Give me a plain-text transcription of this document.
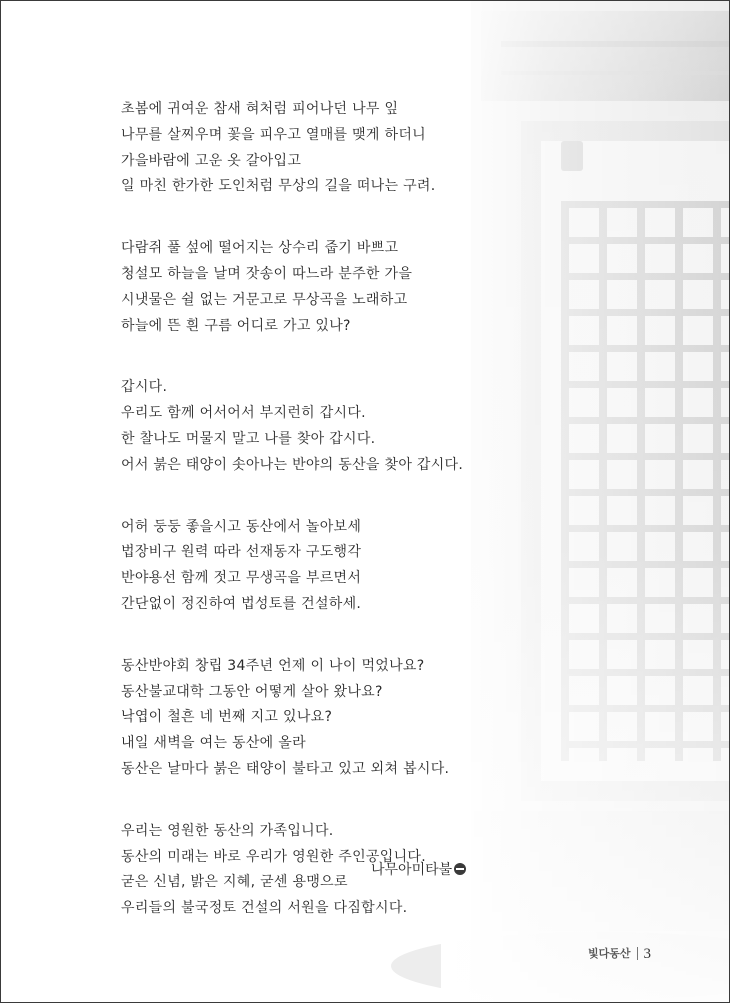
초봄에 귀여운 참새 혀처럼 피어나던 나무 잎
나무를 살찌우며 꽃을 피우고 열매를 맺게 하더니
가을바람에 고운 옷 갈아입고
일 마친 한가한 도인처럼 무상의 길을 떠나는 구려.
다람쥐 풀 섶에 떨어지는 상수리 줍기 바쁘고
청설모 하늘을 날며 잣송이 따느라 분주한 가을
시냇물은 쉴 없는 거문고로 무상곡을 노래하고
하늘에 뜬 흰 구름 어디로 가고 있나?
갑시다.
우리도 함께 어서어서 부지런히 갑시다.
한 찰나도 머물지 말고 나를 찾아 갑시다.
어서 붉은 태양이 솟아나는 반야의 동산을 찾아 갑시다.
어허 둥둥 좋을시고 동산에서 놀아보세
법장비구 원력 따라 선재동자 구도행각
반야용선 함께 젓고 무생곡을 부르면서
간단없이 정진하여 법성토를 건설하세.
동산반야회 창립 34주년 언제 이 나이 먹었나요?
동산불교대학 그동안 어떻게 살아 왔나요?
낙엽이 철흔 네 번째 지고 있나요?
내일 새벽을 여는 동산에 올라
동산은 날마다 붉은 태양이 불타고 있고 외쳐 봅시다.
우리는 영원한 동산의 가족입니다.
동산의 미래는 바로 우리가 영원한 주인공입니다.
굳은 신념, 밝은 지혜, 굳센 용맹으로
우리들의 불국정토 건설의 서원을 다짐합시다.
나무아미타불
빛다동산 3
